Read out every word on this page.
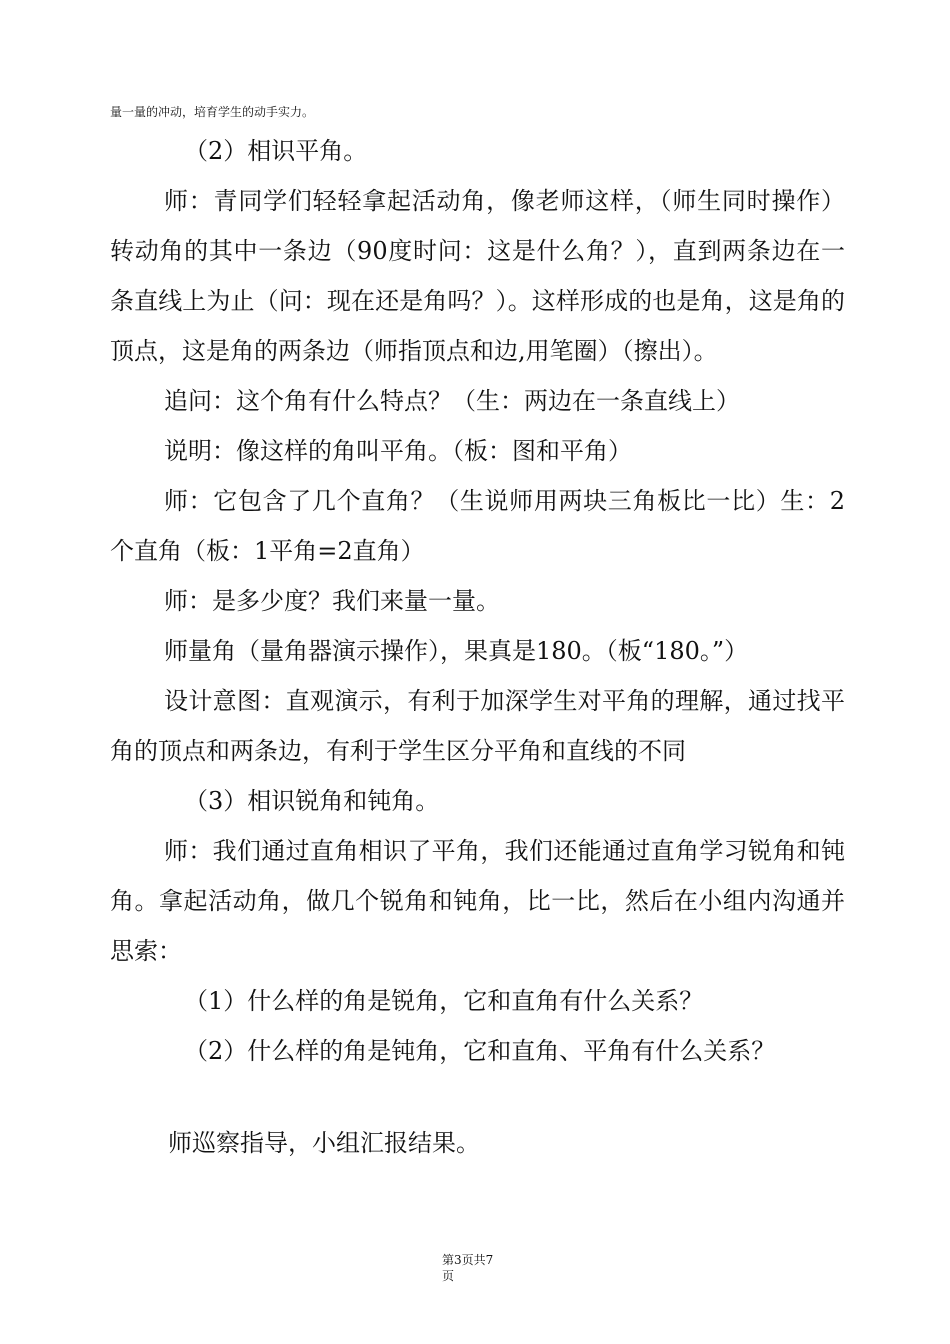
量一量的冲动，培育学生的动手实力。

（2）相识平角。

师：青同学们轻轻拿起活动角，像老师这样，（师生同时操作）转动角的其中一条边（90度时问：这是什么角？），直到两条边在一条直线上为止（问：现在还是角吗？）。这样形成的也是角，这是角的顶点，这是角的两条边（师指顶点和边,用笔圈）（擦出）。

追问：这个角有什么特点？（生：两边在一条直线上）

说明：像这样的角叫平角。（板：图和平角）

师：它包含了几个直角？（生说师用两块三角板比一比）生：2个直角（板：1平角=2直角）

师：是多少度？我们来量一量。

师量角（量角器演示操作），果真是180。（板“180。”）

设计意图：直观演示，有利于加深学生对平角的理解，通过找平角的顶点和两条边，有利于学生区分平角和直线的不同

（3）相识锐角和钝角。

师：我们通过直角相识了平角，我们还能通过直角学习锐角和钝角。拿起活动角，做几个锐角和钝角，比一比，然后在小组内沟通并思索：

（1）什么样的角是锐角，它和直角有什么关系？

（2）什么样的角是钝角，它和直角、平角有什么关系？

师巡察指导，小组汇报结果。
第3页共7
页
